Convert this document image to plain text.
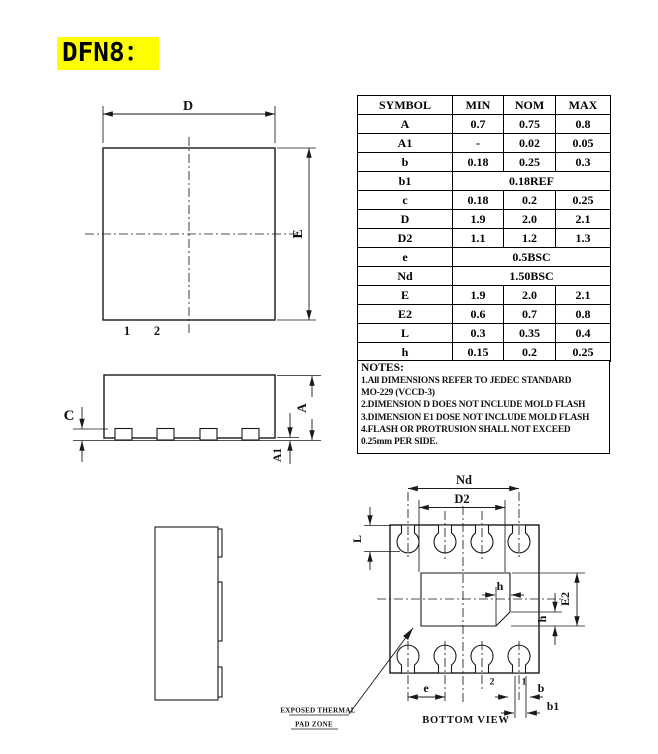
DFN8：
D
E
1 2
C	A
A1
Nd
D2
L
h
h
E2
e	b
b1
2	1
EXPOSED THERMAL
PAD ZONE	BOTTOM VIEW
SYMBOL	MIN	NOM	MAX
A	0.7	0.75	0.8
A1	-	0.02	0.05
b	0.18	0.25	0.3
b1	0.18REF		
c	0.18	0.2	0.25
D	1.9	2.0	2.1
D2	1.1	1.2	1.3
e	0.5BSC		
Nd	1.50BSC		
E	1.9	2.0	2.1
E2	0.6	0.7	0.8
L	0.3	0.35	0.4
h	0.15	0.2	0.25
NOTES:
1.All DIMENSIONS REFER TO JEDEC STANDARD
MO-229 (VCCD-3)
2.DIMENSION D DOES NOT INCLUDE MOLD FLASH
3.DIMENSION E1 DOSE NOT INCLUDE MOLD FLASH
4.FLASH OR PROTRUSION SHALL NOT EXCEED
0.25mm PER SIDE.
